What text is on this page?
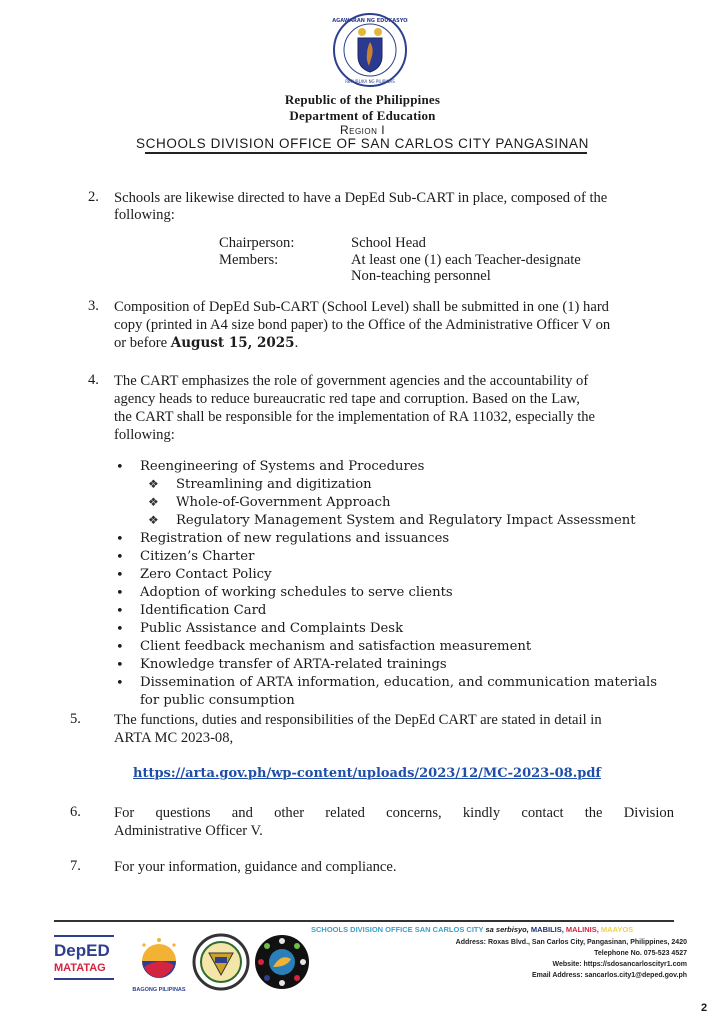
KAGAWARAN NG EDUKASYON
REPUBLIKA NG PILIPINAS
Republic of the Philippines
Department of Education
Region I
SCHOOLS DIVISION OFFICE OF SAN CARLOS CITY PANGASINAN
2. Schools are likewise directed to have a DepEd Sub-CART in place, composed of the
following:
Chairperson:	School Head
Members:	At least one (1) each Teacher-designate
Non-teaching personnel
3. Composition of DepEd Sub-CART (School Level) shall be submitted in one (1) hard
copy (printed in A4 size bond paper) to the Office of the Administrative Officer V on
or before August 15, 2025.
4. The CART emphasizes the role of government agencies and the accountability of
agency heads to reduce bureaucratic red tape and corruption. Based on the Law,
the CART shall be responsible for the implementation of RA 11032, especially the
following:
• Reengineering of Systems and Procedures
❖ Streamlining and digitization
❖ Whole-of-Government Approach
❖ Regulatory Management System and Regulatory Impact Assessment
• Registration of new regulations and issuances
• Citizen’s Charter
• Zero Contact Policy
• Adoption of working schedules to serve clients
• Identification Card
• Public Assistance and Complaints Desk
• Client feedback mechanism and satisfaction measurement
• Knowledge transfer of ARTA-related trainings
• Dissemination of ARTA information, education, and communication materials
for public consumption
5. The functions, duties and responsibilities of the DepEd CART are stated in detail in
ARTA MC 2023-08,
https://arta.gov.ph/wp-content/uploads/2023/12/MC-2023-08.pdf
6. For questions and other related concerns, kindly contact the Division
Administrative Officer V.
7. For your information, guidance and compliance.
DepED
MATATAG
BAGONG PILIPINAS
SCHOOLS DIVISION OFFICE SAN CARLOS CITY sa serbisyo, MABILIS, MALINIS, MAAYOS
Address: Roxas Blvd., San Carlos City, Pangasinan, Philippines, 2420
Telephone No. 075-523 4527
Website: https://sdosancarloscityr1.com
Email Address: sancarlos.city1@deped.gov.ph
2
